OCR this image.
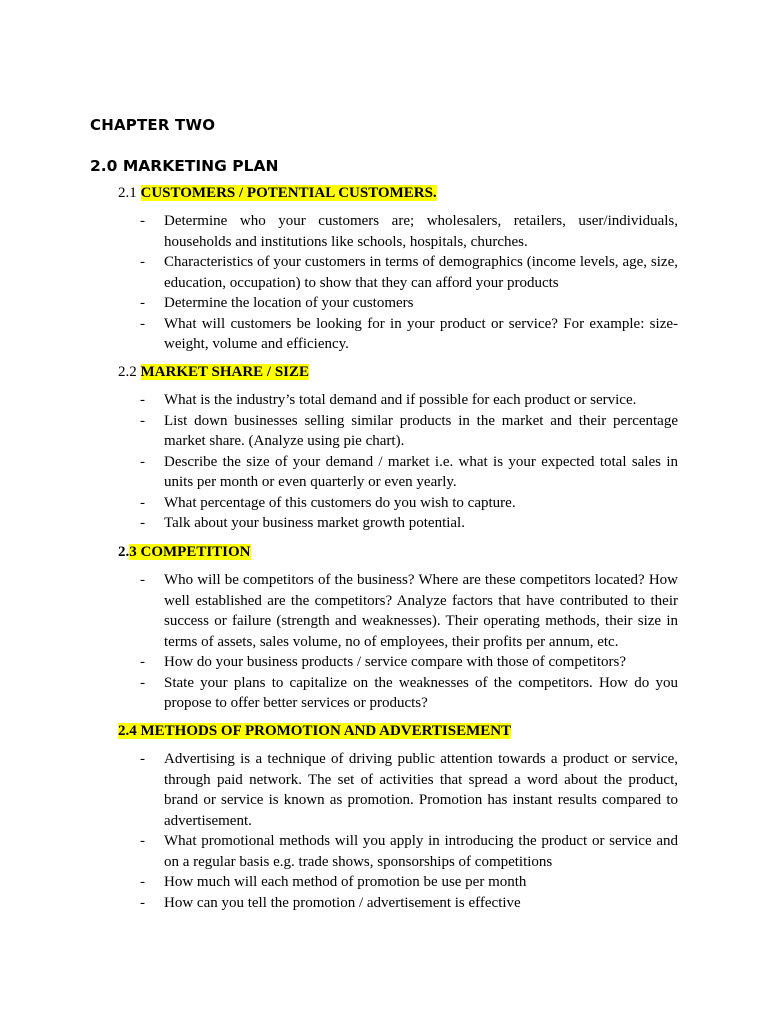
CHAPTER TWO
2.0 MARKETING PLAN

2.1 CUSTOMERS / POTENTIAL CUSTOMERS.

- Determine who your customers are; wholesalers, retailers, user/individuals, households and institutions like schools, hospitals, churches.
- Characteristics of your customers in terms of demographics (income levels, age, size, education, occupation) to show that they can afford your products
- Determine the location of your customers
- What will customers be looking for in your product or service? For example: size-weight, volume and efficiency.

2.2 MARKET SHARE / SIZE

- What is the industry’s total demand and if possible for each product or service.
- List down businesses selling similar products in the market and their percentage market share. (Analyze using pie chart).
- Describe the size of your demand / market i.e. what is your expected total sales in units per month or even quarterly or even yearly.
- What percentage of this customers do you wish to capture.
- Talk about your business market growth potential.

2.3 COMPETITION

- Who will be competitors of the business? Where are these competitors located? How well established are the competitors? Analyze factors that have contributed to their success or failure (strength and weaknesses). Their operating methods, their size in terms of assets, sales volume, no of employees, their profits per annum, etc.
- How do your business products / service compare with those of competitors?
- State your plans to capitalize on the weaknesses of the competitors. How do you propose to offer better services or products?

2.4 METHODS OF PROMOTION AND ADVERTISEMENT

- Advertising is a technique of driving public attention towards a product or service, through paid network. The set of activities that spread a word about the product, brand or service is known as promotion. Promotion has instant results compared to advertisement.
- What promotional methods will you apply in introducing the product or service and on a regular basis e.g. trade shows, sponsorships of competitions
- How much will each method of promotion be use per month
- How can you tell the promotion / advertisement is effective
